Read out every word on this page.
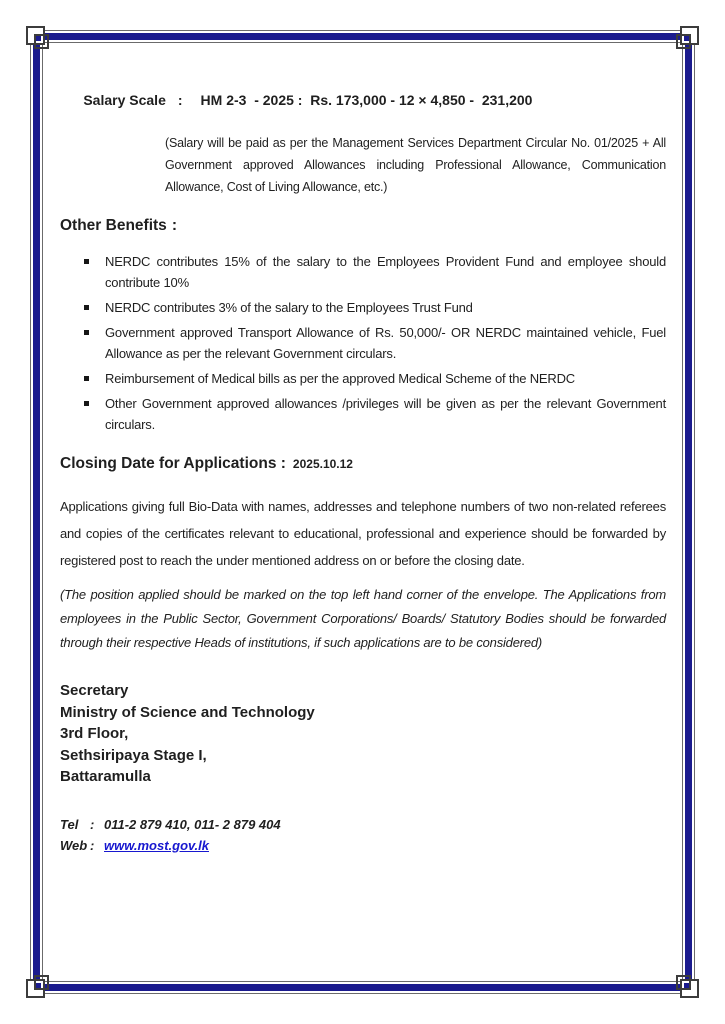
Salary Scale : HM 2-3  - 2025 :  Rs. 173,000 - 12 × 4,850 -  231,200

(Salary will be paid as per the Management Services Department Circular No. 01/2025 + All Government approved Allowances including Professional Allowance, Communication Allowance, Cost of Living Allowance, etc.)
Other Benefits :
NERDC contributes 15% of the salary to the Employees Provident Fund and employee should contribute 10%
NERDC contributes 3% of the salary to the Employees Trust Fund
Government approved Transport Allowance of Rs. 50,000/- OR NERDC maintained vehicle, Fuel Allowance as per the relevant Government circulars.
Reimbursement of Medical bills as per the approved Medical Scheme of the NERDC
Other Government approved allowances /privileges will be given as per the relevant Government circulars.
Closing Date for Applications : 2025.10.12
Applications giving full Bio-Data with names, addresses and telephone numbers of two non-related referees and copies of the certificates relevant to educational, professional and experience should be forwarded by registered post to reach the under mentioned address on or before the closing date.
(The position applied should be marked on the top left hand corner of the envelope. The Applications from employees in the Public Sector, Government Corporations/ Boards/ Statutory Bodies should be forwarded through their respective Heads of institutions, if such applications are to be considered)
Secretary
Ministry of Science and Technology
3rd Floor,
Sethsiripaya Stage I,
Battaramulla
Tel : 011-2 879 410, 011- 2 879 404
Web : www.most.gov.lk
